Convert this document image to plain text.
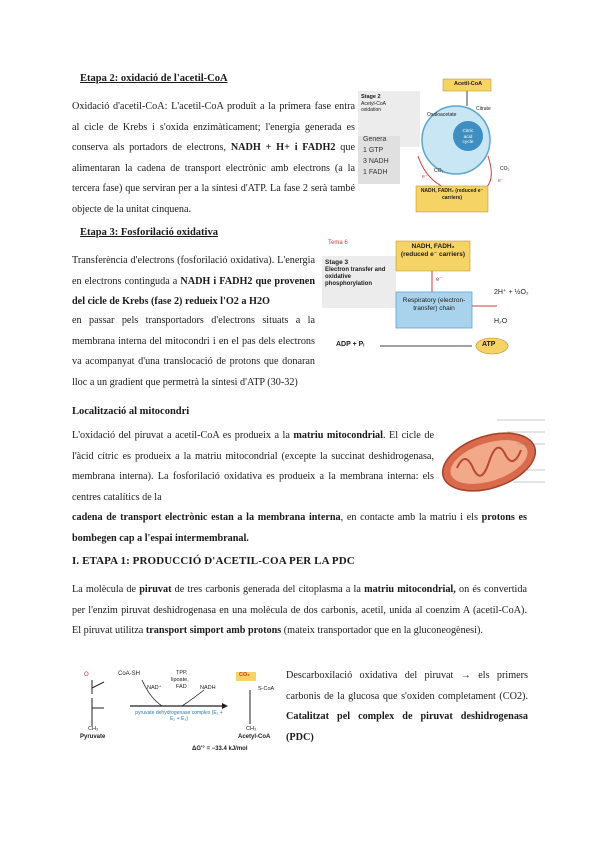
Etapa 2: oxidació de l'acetil-CoA
Oxidació d'acetil-CoA: L'acetil-CoA produït a la primera fase entra al cicle de Krebs i s'oxida enzimàticament; l'energia generada es conserva als portadors de electrons, NADH + H+ i FADH2 que alimentaran la cadena de transport electrònic amb electrons (a la tercera fase) que serviran per a la síntesi d'ATP. La fase 2 serà també objecte de la unitat cinquena.
Acetil-CoA
Stage 2
Acetyl-CoA oxidation
Oxaloacetate
Citrate
Citric acid cycle
Genera
1 GTP
3 NADH
1 FADH	CO₂	CO₂
NADH, FADH₂ (reduced e⁻ carriers)
e⁻
e⁻
Etapa 3: Fosforilació oxidativa
Transferència d'electrons (fosforilació oxidativa). L'energia en electrons continguda a NADH i FADH2 que provenen del cicle de Krebs (fase 2) redueix l'O2 a H2O
en passar pels transportadors d'electrons situats a la membrana interna del mitocondri i en el pas dels electrons va acompanyat d'una translocació de protons que donaran lloc a un gradient que permetrà la síntesi d'ATP (30-32)
Tema 6	NADH, FADH₂ (reduced e⁻ carriers)
Stage 3
Electron transfer and oxidative phosphorylation
Respiratory (electron-transfer) chain
e⁻
2H⁺ + ½O₂
H₂O
ADP + Pᵢ	ATP
Localització al mitocondri
L'oxidació del piruvat a acetil-CoA es produeix a la matriu mitocondrial. El cicle de l'àcid cítric es produeix a la matriu mitocondrial (excepte la succinat deshidrogenasa, membrana interna). La fosforilació oxidativa es produeix a la membrana interna: els centres catalítics de la
cadena de transport electrònic estan a la membrana interna, en contacte amb la matriu i els protons es bombegen cap a l'espai intermembranal.
I. ETAPA 1: PRODUCCIÓ D'ACETIL-COA PER LA PDC
La molècula de piruvat de tres carbonis generada del citoplasma a la matriu mitocondrial, on és convertida per l'enzim piruvat deshidrogenasa en una molècula de dos carbonis, acetil, unida al coenzim A (acetil-CoA). El piruvat utilitza transport simport amb protons (mateix transportador que en la gluconeogènesi).
O	CoA-SH	TPP,
lipoate,
FAD
NAD⁺	NADH
CO₂
pyruvate dehydrogenase complex (E₁ + E₂ + E₃)
CH₃	CH₃
S-CoA
Pyruvate	Acetyl-CoA
ΔG'° = −33.4 kJ/mol
Descarboxilació oxidativa del piruvat → els primers carbonis de la glucosa que s'oxiden completament (CO2). Catalitzat pel complex de piruvat deshidrogenasa (PDC)
